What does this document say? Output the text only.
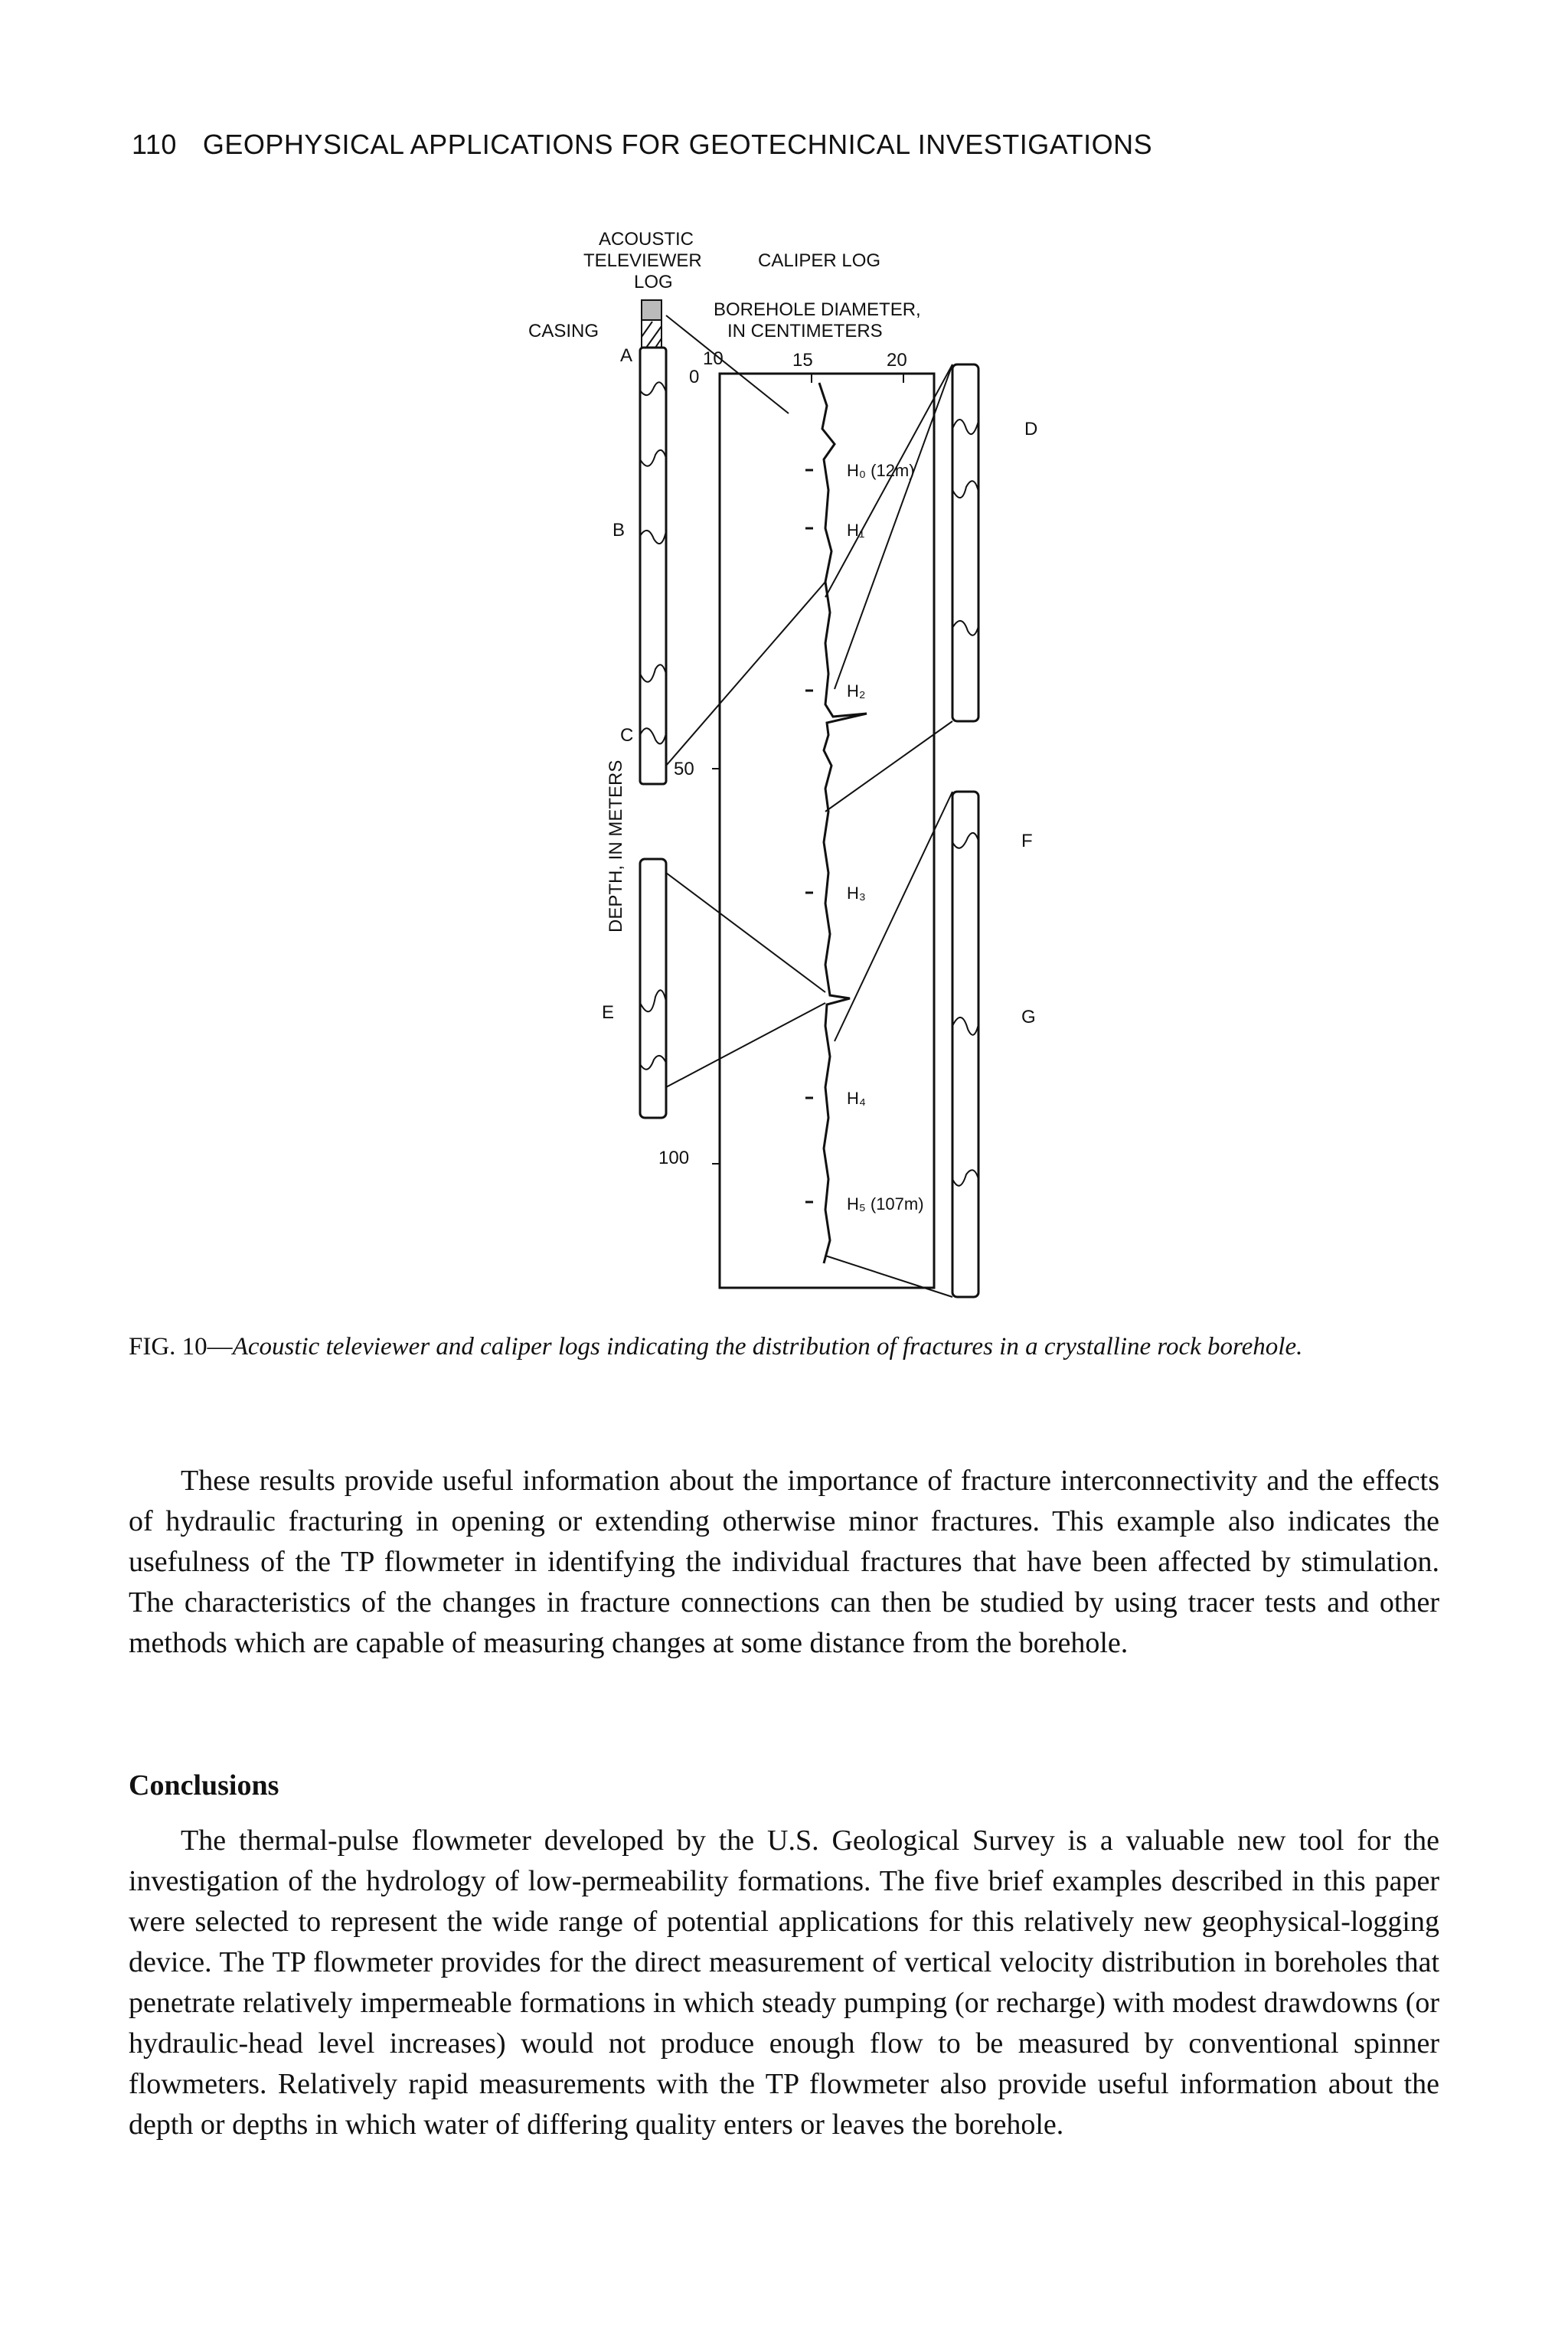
110 GEOPHYSICAL APPLICATIONS FOR GEOTECHNICAL INVESTIGATIONS
ACOUSTIC
TELEVIEWER
LOG
CALIPER LOG
BOREHOLE DIAMETER,
IN CENTIMETERS
CASING
10	15	20
0
50
100
DEPTH, IN METERS
A
B
C
D
E
F
G
H₀ (12m)
H₁
H₂
H₃
H₄
H₅ (107m)
FIG. 10—Acoustic televiewer and caliper logs indicating the distribution of fractures in a crystalline rock borehole.

These results provide useful information about the importance of fracture interconnectivity and the effects of hydraulic fracturing in opening or extending otherwise minor fractures. This example also indicates the usefulness of the TP flowmeter in identifying the individual fractures that have been affected by stimulation. The characteristics of the changes in fracture connections can then be studied by using tracer tests and other methods which are capable of measuring changes at some distance from the borehole.

Conclusions

The thermal-pulse flowmeter developed by the U.S. Geological Survey is a valuable new tool for the investigation of the hydrology of low-permeability formations. The five brief examples described in this paper were selected to represent the wide range of potential applications for this relatively new geophysical-logging device. The TP flowmeter provides for the direct measurement of vertical velocity distribution in boreholes that penetrate relatively impermeable formations in which steady pumping (or recharge) with modest drawdowns (or hydraulic-head level increases) would not produce enough flow to be measured by conventional spinner flowmeters. Relatively rapid measurements with the TP flowmeter also provide useful information about the depth or depths in which water of differing quality enters or leaves the borehole.
